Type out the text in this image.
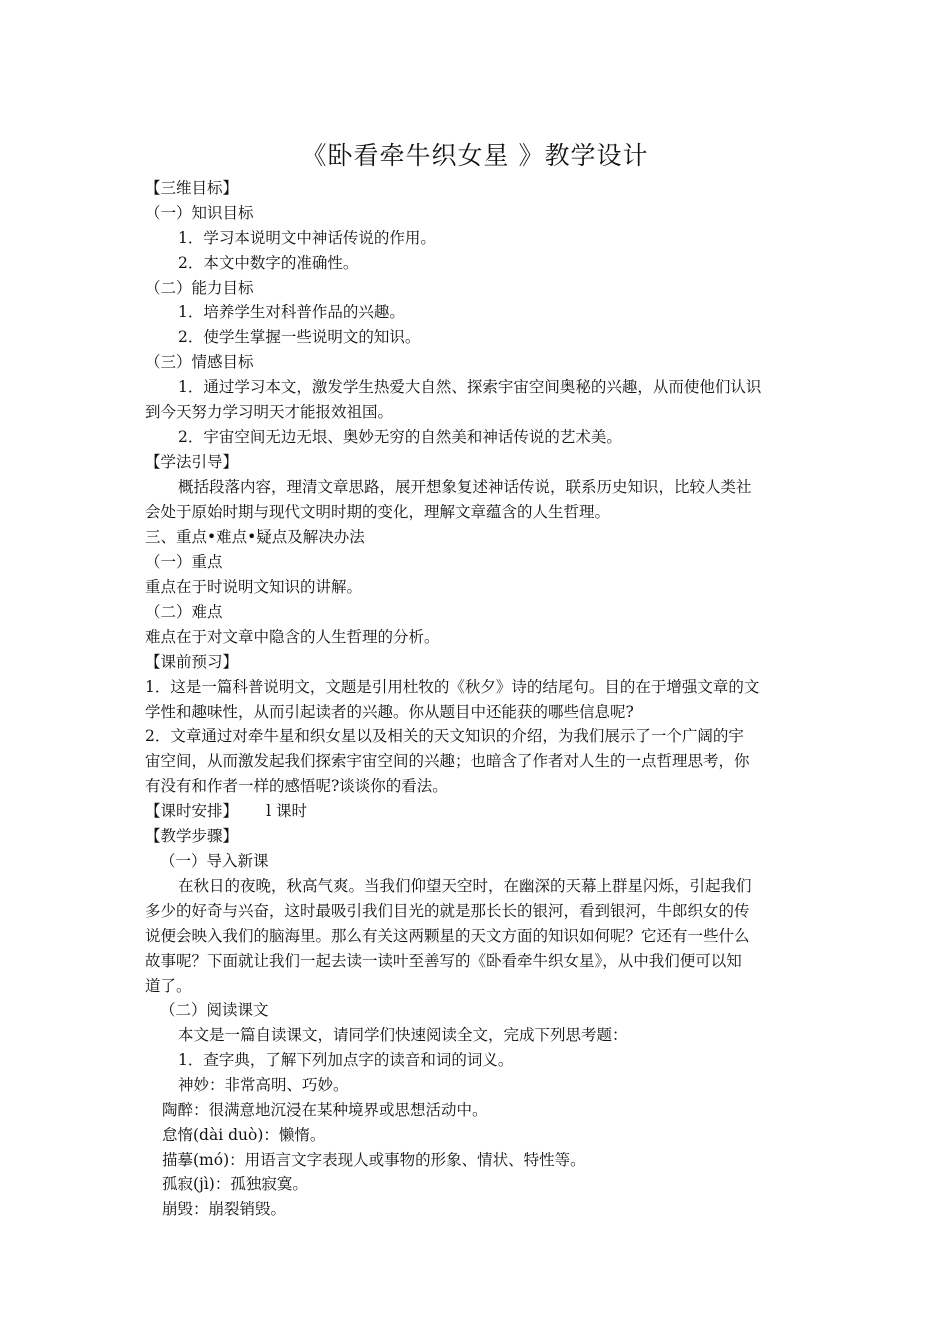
《卧看牵牛织女星 》教学设计
【三维目标】
（一）知识目标
1．学习本说明文中神话传说的作用。
2．本文中数字的准确性。
（二）能力目标
1．培养学生对科普作品的兴趣。
2．使学生掌握一些说明文的知识。
（三）情感目标
1．通过学习本文，激发学生热爱大自然、探索宇宙空间奥秘的兴趣，从而使他们认识
到今天努力学习明天才能报效祖国。
2．宇宙空间无边无垠、奥妙无穷的自然美和神话传说的艺术美。
【学法引导】
概括段落内容，理清文章思路，展开想象复述神话传说，联系历史知识，比较人类社
会处于原始时期与现代文明时期的变化，理解文章蕴含的人生哲理。
三、重点•难点•疑点及解决办法
（一）重点
重点在于时说明文知识的讲解。
（二）难点
难点在于对文章中隐含的人生哲理的分析。
【课前预习】
1．这是一篇科普说明文，文题是引用杜牧的《秋夕》诗的结尾句。目的在于增强文章的文
学性和趣味性，从而引起读者的兴趣。你从题目中还能获的哪些信息呢?
2．文章通过对牵牛星和织女星以及相关的天文知识的介绍，为我们展示了一个广阔的宇
宙空间，从而激发起我们探索宇宙空间的兴趣；也暗含了作者对人生的一点哲理思考，你
有没有和作者一样的感悟呢?谈谈你的看法。
【课时安排】　　 l 课时
【教学步骤】
（一）导入新课
在秋日的夜晚，秋高气爽。当我们仰望天空时，在幽深的天幕上群星闪烁，引起我们
多少的好奇与兴奋，这时最吸引我们目光的就是那长长的银河，看到银河，牛郎织女的传
说便会映入我们的脑海里。那么有关这两颗星的天文方面的知识如何呢？它还有一些什么
故事呢？下面就让我们一起去读一读叶至善写的《卧看牵牛织女星》，从中我们便可以知
道了。
（二）阅读课文
本文是一篇自读课文，请同学们快速阅读全文，完成下列思考题：
1．查字典，了解下列加点字的读音和词的词义。
神妙：非常高明、巧妙。
陶醉：很满意地沉浸在某种境界或思想活动中。
怠惰(dài duò)：懒惰。
描摹(mó)：用语言文字表现人或事物的形象、情状、特性等。
孤寂(jì)：孤独寂寞。
崩毁：崩裂销毁。
